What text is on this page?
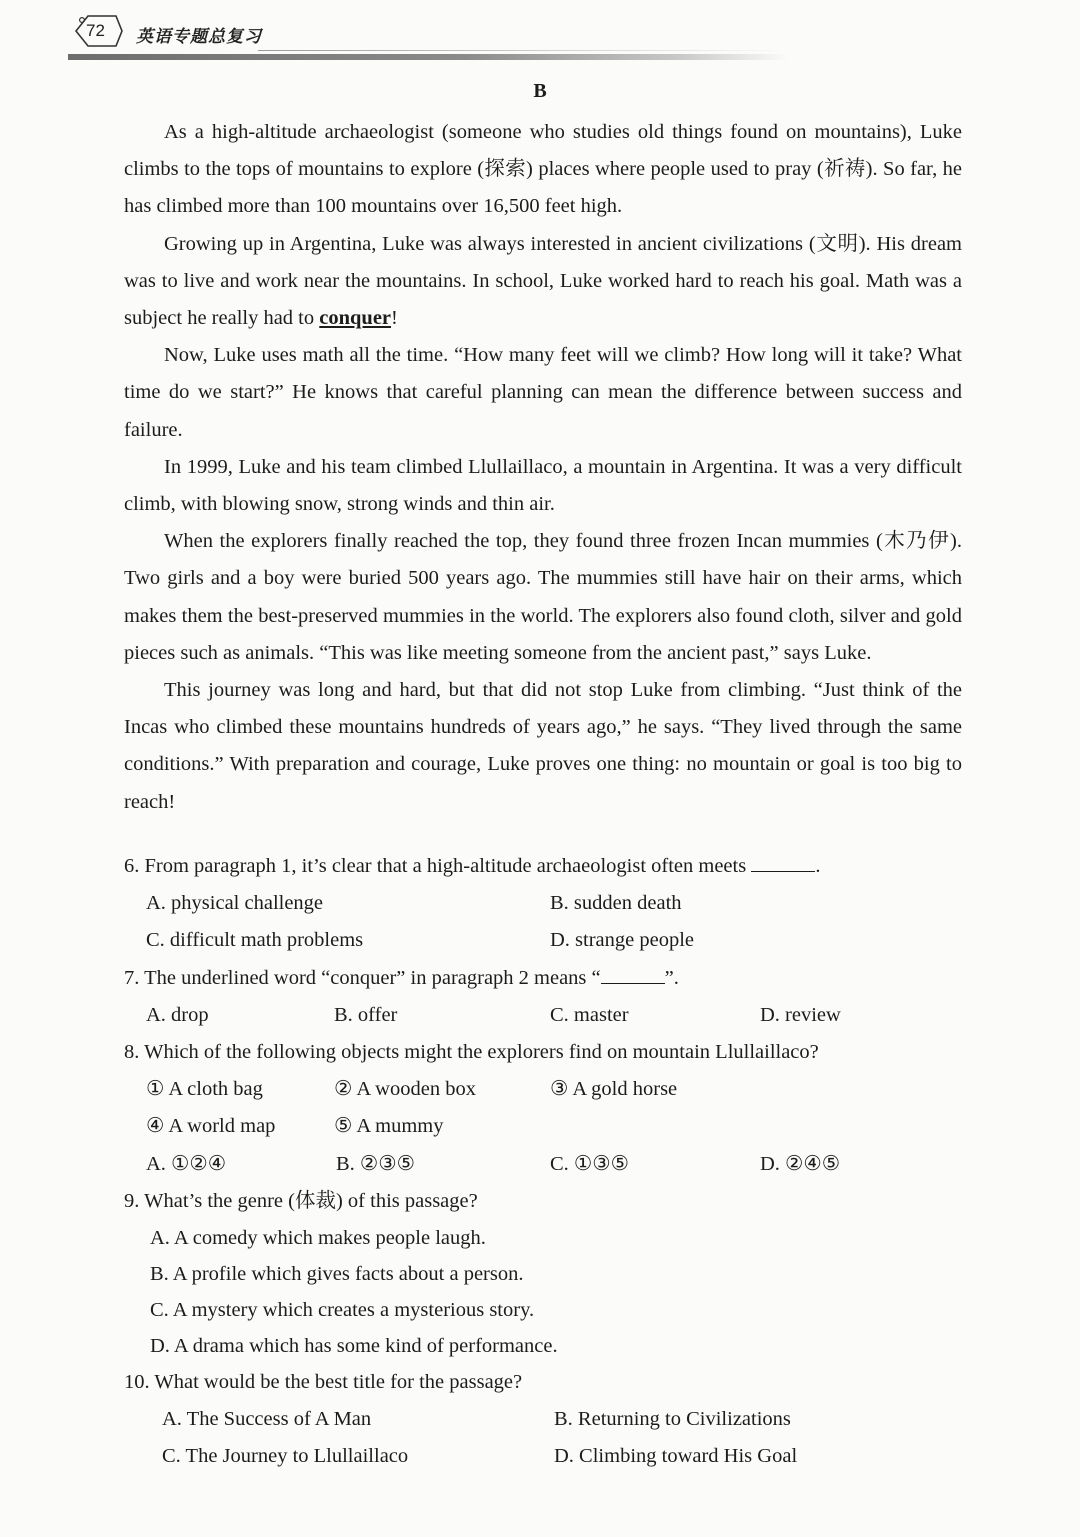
72 英语专题总复习
B

As a high-altitude archaeologist (someone who studies old things found on mountains), Luke climbs to the tops of mountains to explore (探索) places where people used to pray (祈祷). So far, he has climbed more than 100 mountains over 16,500 feet high.

Growing up in Argentina, Luke was always interested in ancient civilizations (文明). His dream was to live and work near the mountains. In school, Luke worked hard to reach his goal. Math was a subject he really had to conquer!

Now, Luke uses math all the time. “How many feet will we climb? How long will it take? What time do we start?” He knows that careful planning can mean the difference between success and failure.

In 1999, Luke and his team climbed Llullaillaco, a mountain in Argentina. It was a very difficult climb, with blowing snow, strong winds and thin air.

When the explorers finally reached the top, they found three frozen Incan mummies (木乃伊). Two girls and a boy were buried 500 years ago. The mummies still have hair on their arms, which makes them the best-preserved mummies in the world. The explorers also found cloth, silver and gold pieces such as animals. “This was like meeting someone from the ancient past,” says Luke.

This journey was long and hard, but that did not stop Luke from climbing. “Just think of the Incas who climbed these mountains hundreds of years ago,” he says. “They lived through the same conditions.” With preparation and courage, Luke proves one thing: no mountain or goal is too big to reach!

6. From paragraph 1, it’s clear that a high-altitude archaeologist often meets	.
A. physical challenge	B. sudden death
C. difficult math problems	D. strange people
7. The underlined word “conquer” in paragraph 2 means “	”.
A. drop	B. offer	C. master	D. review
8. Which of the following objects might the explorers find on mountain Llullaillaco?
① A cloth bag	② A wooden box	③ A gold horse
④ A world map	⑤ A mummy
A. ①②④	B. ②③⑤	C. ①③⑤	D. ②④⑤
9. What’s the genre (体裁) of this passage?
A. A comedy which makes people laugh.
B. A profile which gives facts about a person.
C. A mystery which creates a mysterious story.
D. A drama which has some kind of performance.
10. What would be the best title for the passage?
A. The Success of A Man	B. Returning to Civilizations
C. The Journey to Llullaillaco	D. Climbing toward His Goal
